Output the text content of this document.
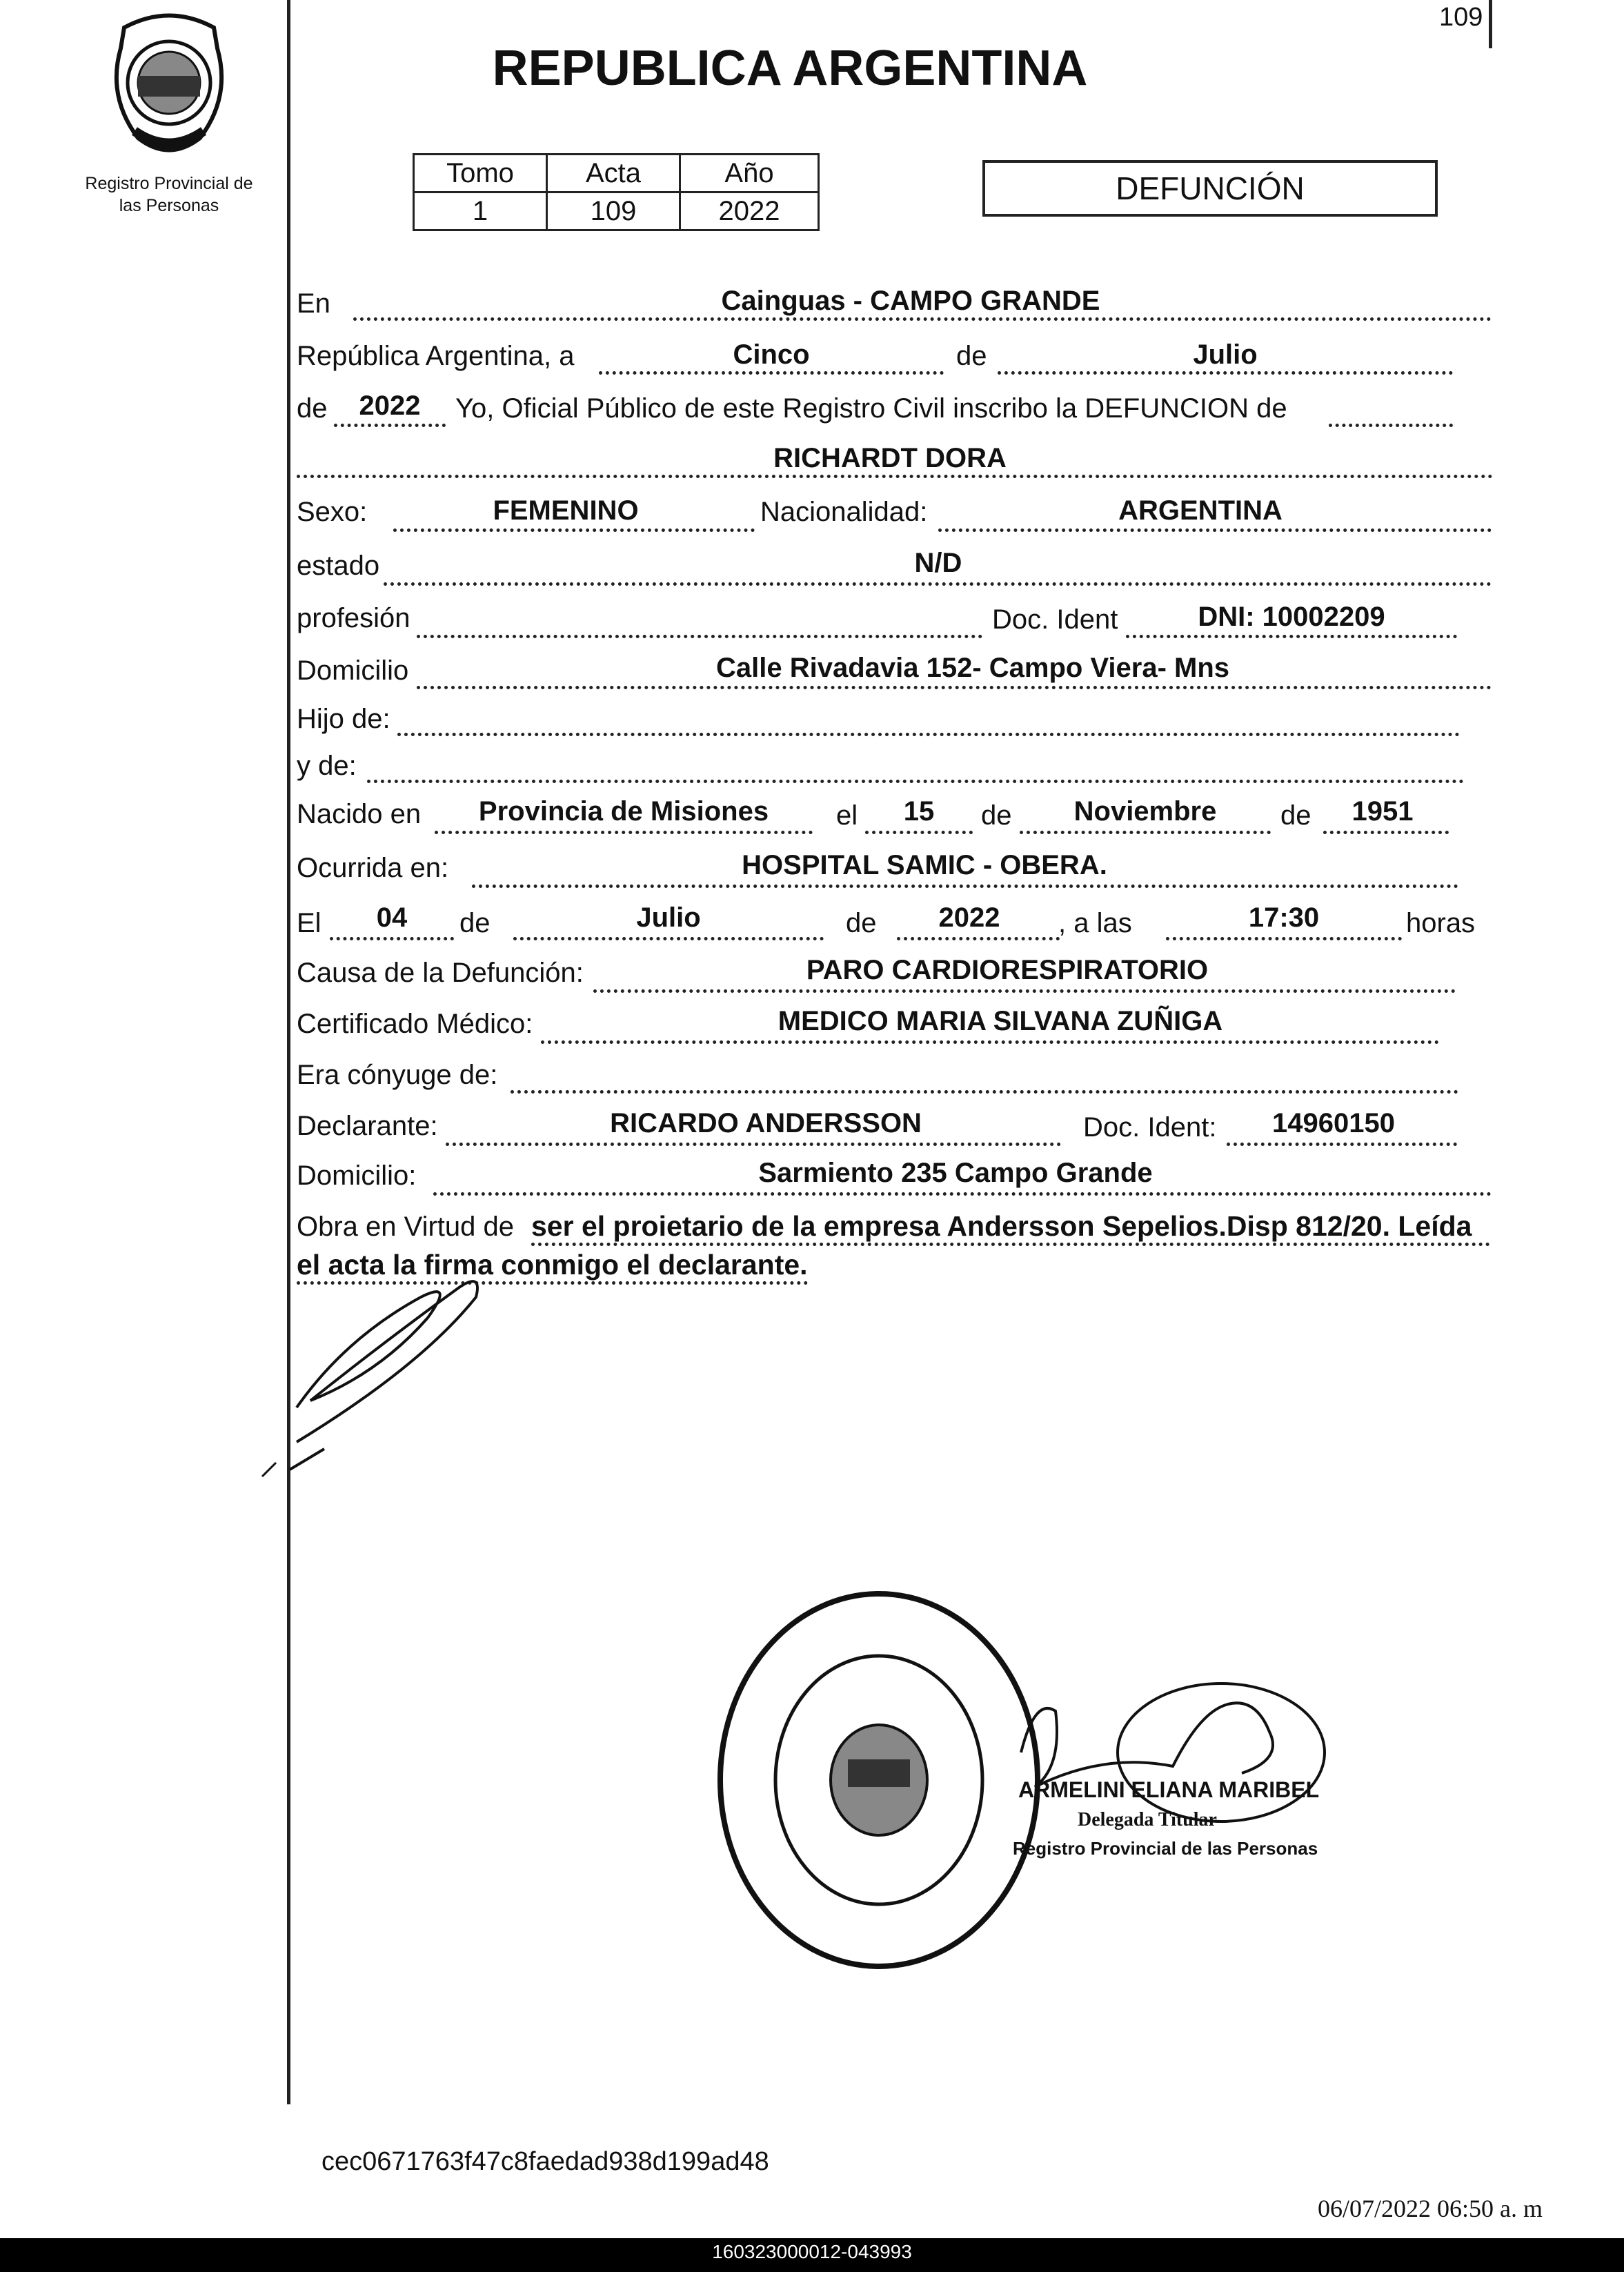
109
Registro Provincial de
las Personas
REPUBLICA ARGENTINA
Tomo	Acta	Año
1	109	2022
DEFUNCIÓN
En	Cainguas - CAMPO GRANDE
República Argentina, a	Cinco	de	Julio
de	2022	Yo, Oficial Público de este Registro Civil inscribo la DEFUNCION de
RICHARDT DORA
Sexo:	FEMENINO	Nacionalidad:	ARGENTINA
estado	N/D
profesión	Doc. Ident	DNI: 10002209
Domicilio	Calle Rivadavia 152- Campo Viera- Mns
Hijo de:
y de:
Nacido en	Provincia de Misiones	el	15	de	Noviembre	de	1951
Ocurrida en:	HOSPITAL SAMIC - OBERA.
El	04	de	Julio	de	2022	, a las	17:30	horas
Causa de la Defunción:	PARO CARDIORESPIRATORIO
Certificado Médico:	MEDICO MARIA SILVANA ZUÑIGA
Era cónyuge de:
Declarante:	RICARDO ANDERSSON	Doc. Ident:	14960150
Domicilio:	Sarmiento 235 Campo Grande
Obra en Virtud de ser el proietario de la empresa Andersson Sepelios.Disp 812/20. Leída
el acta la firma conmigo el declarante.
ARMELINI ELIANA MARIBEL
Delegada Titular
Registro Provincial de las Personas
cec0671763f47c8faedad938d199ad48
06/07/2022 06:50 a. m
160323000012-043993
